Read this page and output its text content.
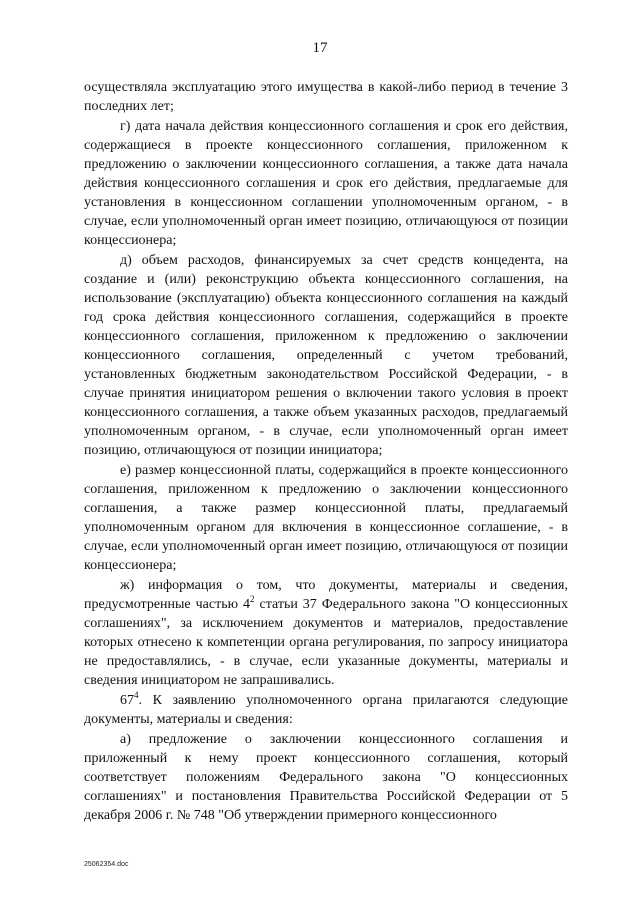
17

осуществляла эксплуатацию этого имущества в какой-либо период в течение 3 последних лет;

г) дата начала действия концессионного соглашения и срок его действия, содержащиеся в проекте концессионного соглашения, приложенном к предложению о заключении концессионного соглашения, а также дата начала действия концессионного соглашения и срок его действия, предлагаемые для установления в концессионном соглашении уполномоченным органом, - в случае, если уполномоченный орган имеет позицию, отличающуюся от позиции концессионера;

д) объем расходов, финансируемых за счет средств концедента, на создание и (или) реконструкцию объекта концессионного соглашения, на использование (эксплуатацию) объекта концессионного соглашения на каждый год срока действия концессионного соглашения, содержащийся в проекте концессионного соглашения, приложенном к предложению о заключении концессионного соглашения, определенный с учетом требований, установленных бюджетным законодательством Российской Федерации, - в случае принятия инициатором решения о включении такого условия в проект концессионного соглашения, а также объем указанных расходов, предлагаемый уполномоченным органом, - в случае, если уполномоченный орган имеет позицию, отличающуюся от позиции инициатора;

е) размер концессионной платы, содержащийся в проекте концессионного соглашения, приложенном к предложению о заключении концессионного соглашения, а также размер концессионной платы, предлагаемый уполномоченным органом для включения в концессионное соглашение, - в случае, если уполномоченный орган имеет позицию, отличающуюся от позиции концессионера;

ж) информация о том, что документы, материалы и сведения, предусмотренные частью $4^2$ статьи 37 Федерального закона "О концессионных соглашениях", за исключением документов и материалов, предоставление которых отнесено к компетенции органа регулирования, по запросу инициатора не предоставлялись, - в случае, если указанные документы, материалы и сведения инициатором не запрашивались.

$67^4$. К заявлению уполномоченного органа прилагаются следующие документы, материалы и сведения:

а) предложение о заключении концессионного соглашения и приложенный к нему проект концессионного соглашения, который соответствует положениям Федерального закона "О концессионных соглашениях" и постановления Правительства Российской Федерации от 5 декабря 2006 г. № 748 "Об утверждении примерного концессионного

25062354.doc
